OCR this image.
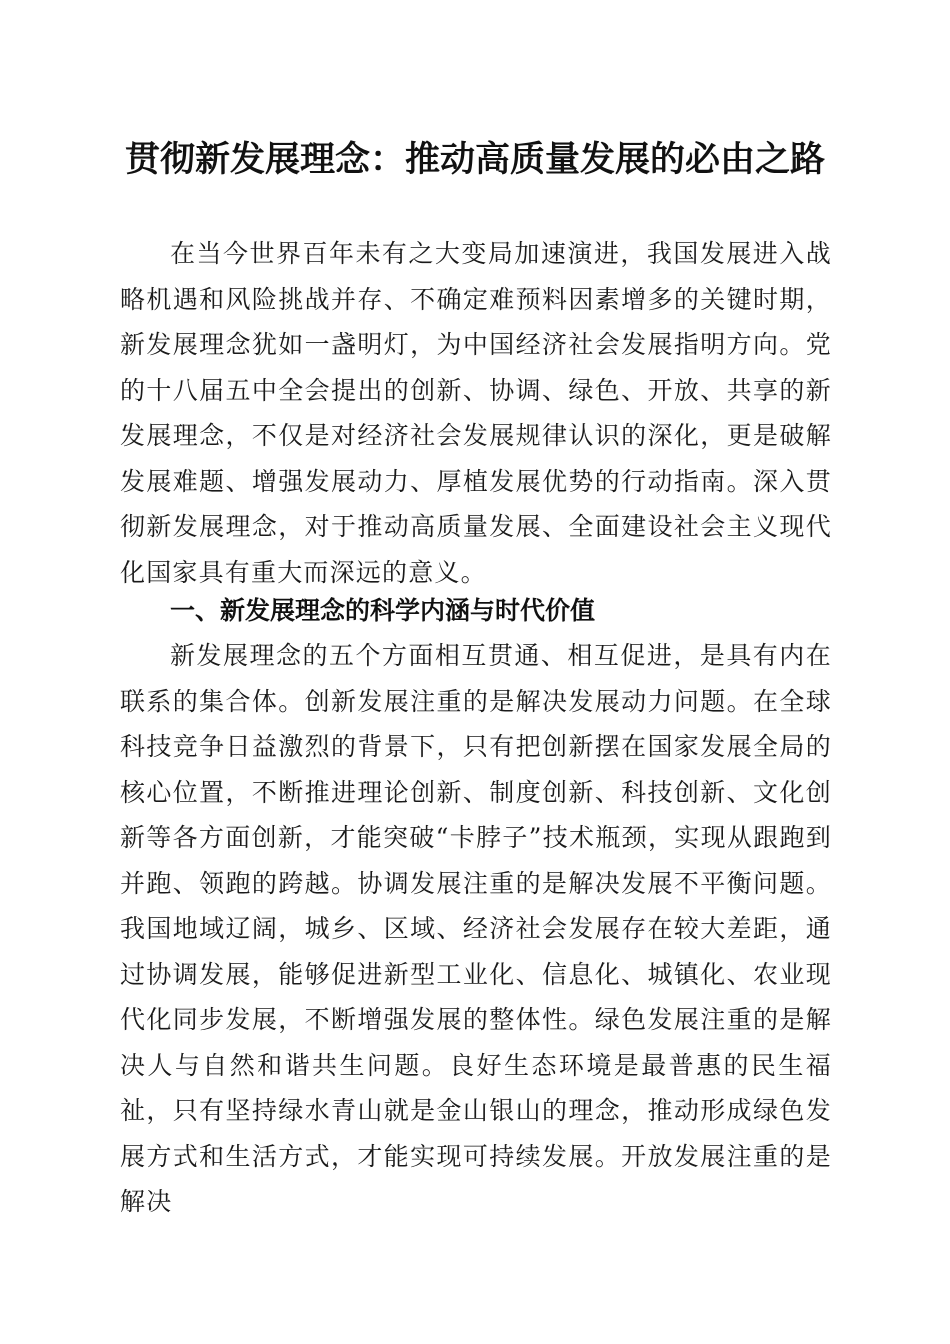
贯彻新发展理念：推动高质量发展的必由之路

在当今世界百年未有之大变局加速演进，我国发展进入战略机遇和风险挑战并存、不确定难预料因素增多的关键时期，新发展理念犹如一盏明灯，为中国经济社会发展指明方向。党的十八届五中全会提出的创新、协调、绿色、开放、共享的新发展理念，不仅是对经济社会发展规律认识的深化，更是破解发展难题、增强发展动力、厚植发展优势的行动指南。深入贯彻新发展理念，对于推动高质量发展、全面建设社会主义现代化国家具有重大而深远的意义。

一、新发展理念的科学内涵与时代价值

新发展理念的五个方面相互贯通、相互促进，是具有内在联系的集合体。创新发展注重的是解决发展动力问题。在全球科技竞争日益激烈的背景下，只有把创新摆在国家发展全局的核心位置，不断推进理论创新、制度创新、科技创新、文化创新等各方面创新，才能突破“卡脖子”技术瓶颈，实现从跟跑到并跑、领跑的跨越。协调发展注重的是解决发展不平衡问题。我国地域辽阔，城乡、区域、经济社会发展存在较大差距，通过协调发展，能够促进新型工业化、信息化、城镇化、农业现代化同步发展，不断增强发展的整体性。绿色发展注重的是解决人与自然和谐共生问题。良好生态环境是最普惠的民生福祉，只有坚持绿水青山就是金山银山的理念，推动形成绿色发展方式和生活方式，才能实现可持续发展。开放发展注重的是解决
